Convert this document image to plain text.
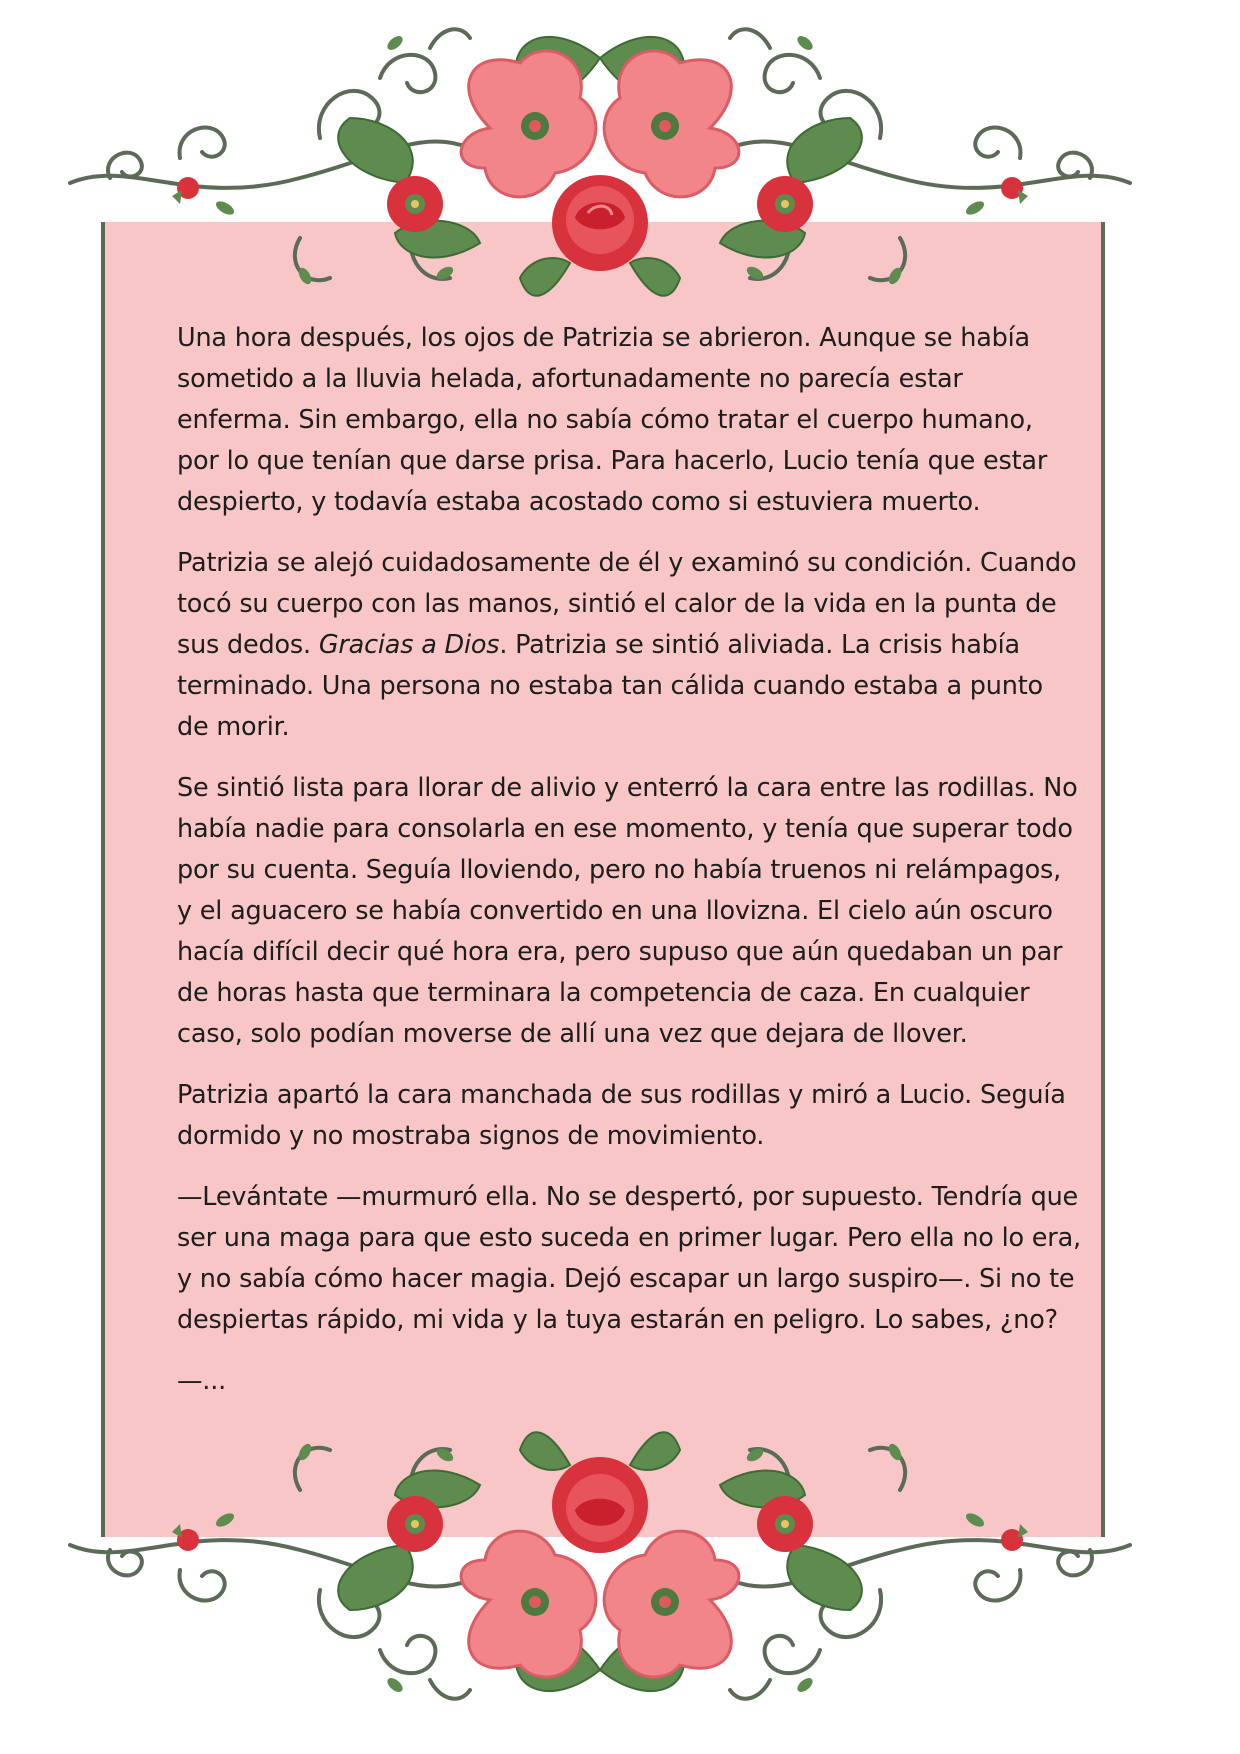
Una hora después, los ojos de Patrizia se abrieron. Aunque se había sometido a la lluvia helada, afortunadamente no parecía estar enferma. Sin embargo, ella no sabía cómo tratar el cuerpo humano, por lo que tenían que darse prisa. Para hacerlo, Lucio tenía que estar despierto, y todavía estaba acostado como si estuviera muerto.

Patrizia se alejó cuidadosamente de él y examinó su condición. Cuando tocó su cuerpo con las manos, sintió el calor de la vida en la punta de sus dedos. Gracias a Dios. Patrizia se sintió aliviada. La crisis había terminado. Una persona no estaba tan cálida cuando estaba a punto de morir.

Se sintió lista para llorar de alivio y enterró la cara entre las rodillas. No había nadie para consolarla en ese momento, y tenía que superar todo por su cuenta. Seguía lloviendo, pero no había truenos ni relámpagos, y el aguacero se había convertido en una llovizna. El cielo aún oscuro hacía difícil decir qué hora era, pero supuso que aún quedaban un par de horas hasta que terminara la competencia de caza. En cualquier caso, solo podían moverse de allí una vez que dejara de llover.

Patrizia apartó la cara manchada de sus rodillas y miró a Lucio. Seguía dormido y no mostraba signos de movimiento.

—Levántate —murmuró ella. No se despertó, por supuesto. Tendría que ser una maga para que esto suceda en primer lugar. Pero ella no lo era, y no sabía cómo hacer magia. Dejó escapar un largo suspiro—. Si no te despiertas rápido, mi vida y la tuya estarán en peligro. Lo sabes, ¿no?

—...
